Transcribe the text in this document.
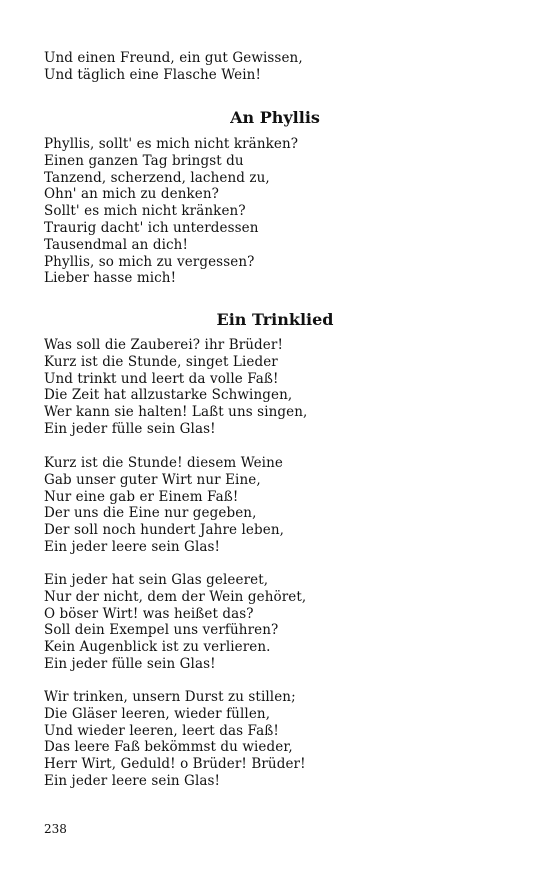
Und einen Freund, ein gut Gewissen,
Und täglich eine Flasche Wein!
An Phyllis
Phyllis, sollt' es mich nicht kränken?
Einen ganzen Tag bringst du
Tanzend, scherzend, lachend zu,
Ohn' an mich zu denken?
Sollt' es mich nicht kränken?
Traurig dacht' ich unterdessen
Tausendmal an dich!
Phyllis, so mich zu vergessen?
Lieber hasse mich!
Ein Trinklied
Was soll die Zauberei? ihr Brüder!
Kurz ist die Stunde, singet Lieder
Und trinkt und leert da volle Faß!
Die Zeit hat allzustarke Schwingen,
Wer kann sie halten! Laßt uns singen,
Ein jeder fülle sein Glas!
Kurz ist die Stunde! diesem Weine
Gab unser guter Wirt nur Eine,
Nur eine gab er Einem Faß!
Der uns die Eine nur gegeben,
Der soll noch hundert Jahre leben,
Ein jeder leere sein Glas!
Ein jeder hat sein Glas geleeret,
Nur der nicht, dem der Wein gehöret,
O böser Wirt! was heißet das?
Soll dein Exempel uns verführen?
Kein Augenblick ist zu verlieren.
Ein jeder fülle sein Glas!
Wir trinken, unsern Durst zu stillen;
Die Gläser leeren, wieder füllen,
Und wieder leeren, leert das Faß!
Das leere Faß bekömmst du wieder,
Herr Wirt, Geduld! o Brüder! Brüder!
Ein jeder leere sein Glas!
238
